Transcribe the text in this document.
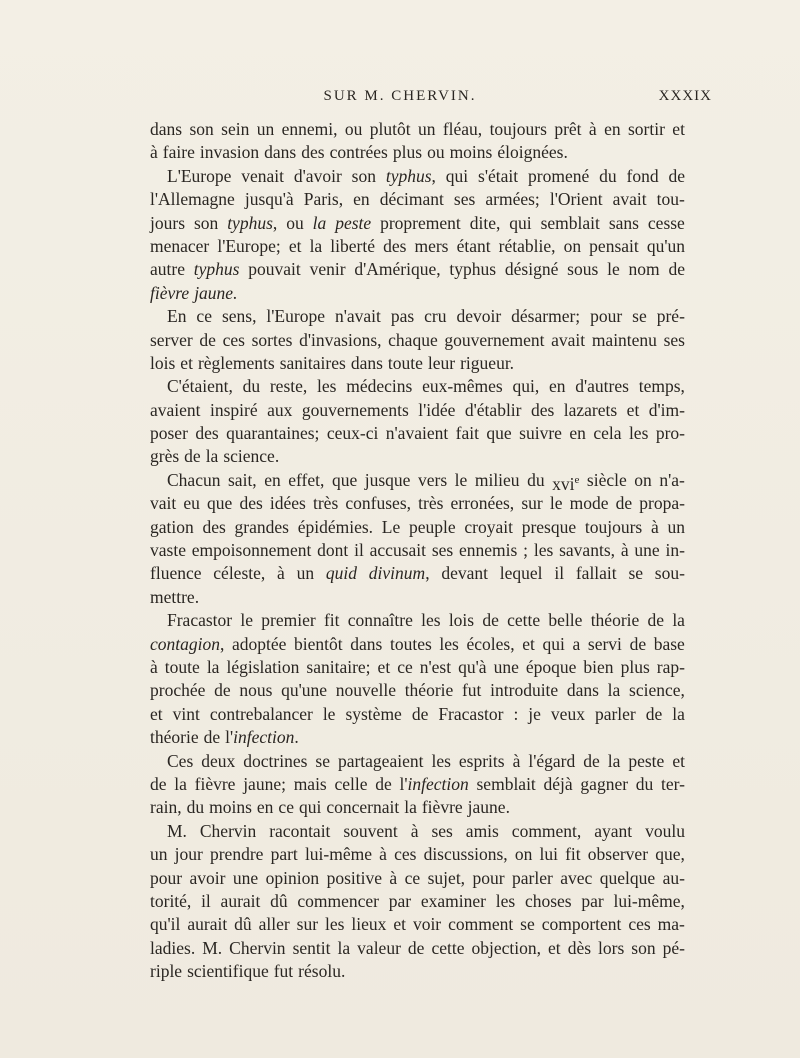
SUR M. CHERVIN.	XXXIX
dans son sein un ennemi, ou plutôt un fléau, toujours prêt à en sortir et
à faire invasion dans des contrées plus ou moins éloignées.
L'Europe venait d'avoir son typhus, qui s'était promené du fond de
l'Allemagne jusqu'à Paris, en décimant ses armées; l'Orient avait tou-
jours son typhus, ou la peste proprement dite, qui semblait sans cesse
menacer l'Europe; et la liberté des mers étant rétablie, on pensait qu'un
autre typhus pouvait venir d'Amérique, typhus désigné sous le nom de
fièvre jaune.
En ce sens, l'Europe n'avait pas cru devoir désarmer; pour se pré-
server de ces sortes d'invasions, chaque gouvernement avait maintenu ses
lois et règlements sanitaires dans toute leur rigueur.
C'étaient, du reste, les médecins eux-mêmes qui, en d'autres temps,
avaient inspiré aux gouvernements l'idée d'établir des lazarets et d'im-
poser des quarantaines; ceux-ci n'avaient fait que suivre en cela les pro-
grès de la science.
Chacun sait, en effet, que jusque vers le milieu du xvi$^e$ siècle on n'a-
vait eu que des idées très confuses, très erronées, sur le mode de propa-
gation des grandes épidémies. Le peuple croyait presque toujours à un
vaste empoisonnement dont il accusait ses ennemis ; les savants, à une in-
fluence céleste, à un quid divinum, devant lequel il fallait se sou-
mettre.
Fracastor le premier fit connaître les lois de cette belle théorie de la
contagion, adoptée bientôt dans toutes les écoles, et qui a servi de base
à toute la législation sanitaire; et ce n'est qu'à une époque bien plus rap-
prochée de nous qu'une nouvelle théorie fut introduite dans la science,
et vint contrebalancer le système de Fracastor : je veux parler de la
théorie de l'infection.
Ces deux doctrines se partageaient les esprits à l'égard de la peste et
de la fièvre jaune; mais celle de l'infection semblait déjà gagner du ter-
rain, du moins en ce qui concernait la fièvre jaune.
M. Chervin racontait souvent à ses amis comment, ayant voulu
un jour prendre part lui-même à ces discussions, on lui fit observer que,
pour avoir une opinion positive à ce sujet, pour parler avec quelque au-
torité, il aurait dû commencer par examiner les choses par lui-même,
qu'il aurait dû aller sur les lieux et voir comment se comportent ces ma-
ladies. M. Chervin sentit la valeur de cette objection, et dès lors son pé-
riple scientifique fut résolu.
